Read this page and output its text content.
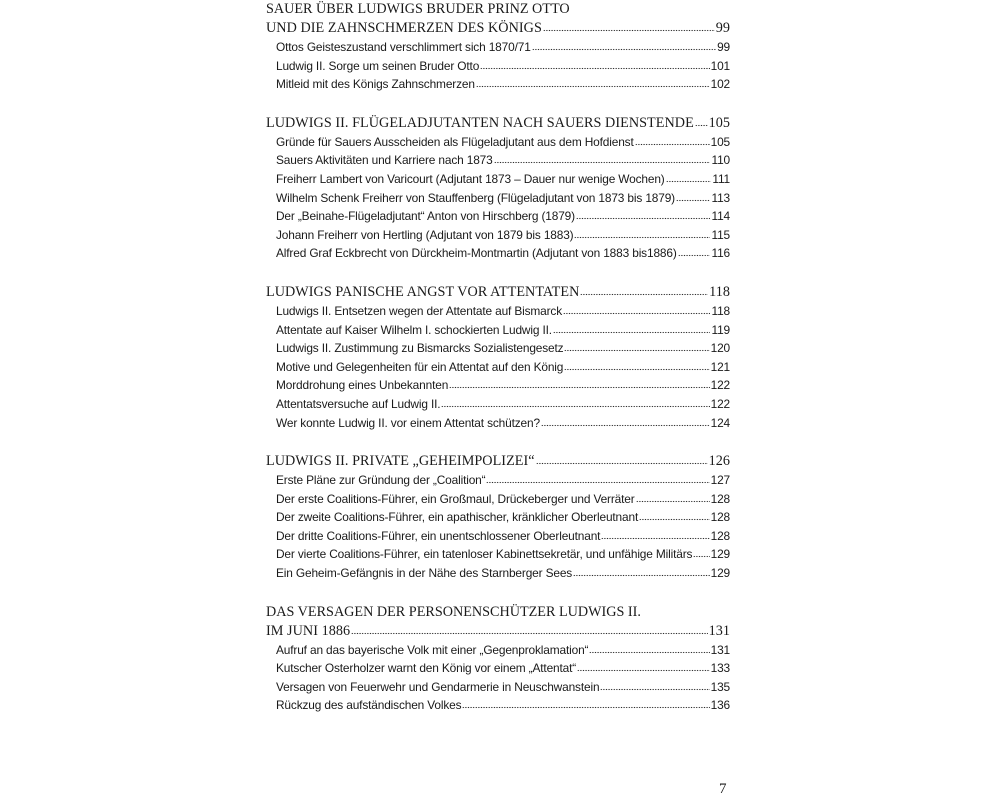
SAUER ÜBER LUDWIGS BRUDER PRINZ OTTO
UND DIE ZAHNSCHMERZEN DES KÖNIGS	99
Ottos Geisteszustand verschlimmert sich 1870/71	99
Ludwig II. Sorge um seinen Bruder Otto	101
Mitleid mit des Königs Zahnschmerzen	102
LUDWIGS II. FLÜGELADJUTANTEN NACH SAUERS DIENSTENDE 105
Gründe für Sauers Ausscheiden als Flügeladjutant aus dem Hofdienst	105
Sauers Aktivitäten und Karriere nach 1873	110
Freiherr Lambert von Varicourt (Adjutant 1873 – Dauer nur wenige Wochen)	111
Wilhelm Schenk Freiherr von Stauffenberg (Flügeladjutant von 1873 bis 1879)	113
Der „Beinahe-Flügeladjutant“ Anton von Hirschberg (1879)	114
Johann Freiherr von Hertling (Adjutant von 1879 bis 1883)	115
Alfred Graf Eckbrecht von Dürckheim-Montmartin (Adjutant von 1883 bis1886)	116
LUDWIGS PANISCHE ANGST VOR ATTENTATEN	118
Ludwigs II. Entsetzen wegen der Attentate auf Bismarck	118
Attentate auf Kaiser Wilhelm I. schockierten Ludwig II.	119
Ludwigs II. Zustimmung zu Bismarcks Sozialistengesetz	120
Motive und Gelegenheiten für ein Attentat auf den König	121
Morddrohung eines Unbekannten	122
Attentatsversuche auf Ludwig II.	122
Wer konnte Ludwig II. vor einem Attentat schützen?	124
LUDWIGS II. PRIVATE „GEHEIMPOLIZEI“	126
Erste Pläne zur Gründung der „Coalition“	127
Der erste Coalitions-Führer, ein Großmaul, Drückeberger und Verräter	128
Der zweite Coalitions-Führer, ein apathischer, kränklicher Oberleutnant	128
Der dritte Coalitions-Führer, ein unentschlossener Oberleutnant	128
Der vierte Coalitions-Führer, ein tatenloser Kabinettsekretär, und unfähige Militärs 129
Ein Geheim-Gefängnis in der Nähe des Starnberger Sees	129
DAS VERSAGEN DER PERSONENSCHÜTZER LUDWIGS II.
IM JUNI 1886	131
Aufruf an das bayerische Volk mit einer „Gegenproklamation“	131
Kutscher Osterholzer warnt den König vor einem „Attentat“	133
Versagen von Feuerwehr und Gendarmerie in Neuschwanstein	135
Rückzug des aufständischen Volkes	136
7
